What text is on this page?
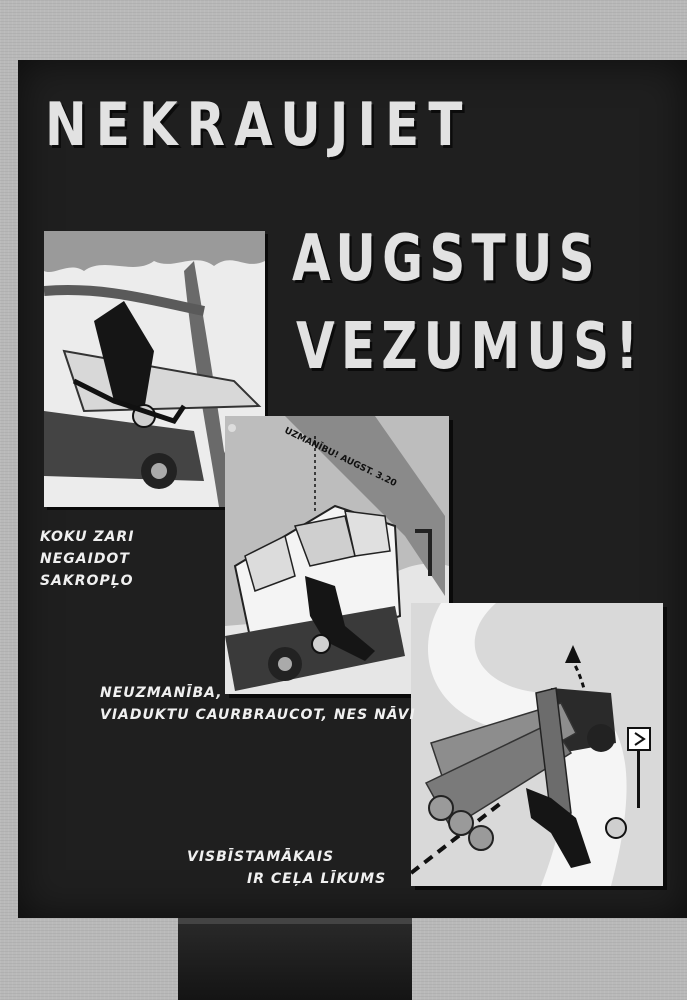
NEKRAUJIET
AUGSTUS
VEZUMUS!
UZMANĪBU! AUGST. 3.20
KOKU ZARI
NEGAIDOT
SAKROPĻO
NEUZMANĪBA,
VIADUKTU CAURBRAUCOT, NES NĀVI
VISBĪSTAMĀKAIS
IR CEĻA LĪKUMS
